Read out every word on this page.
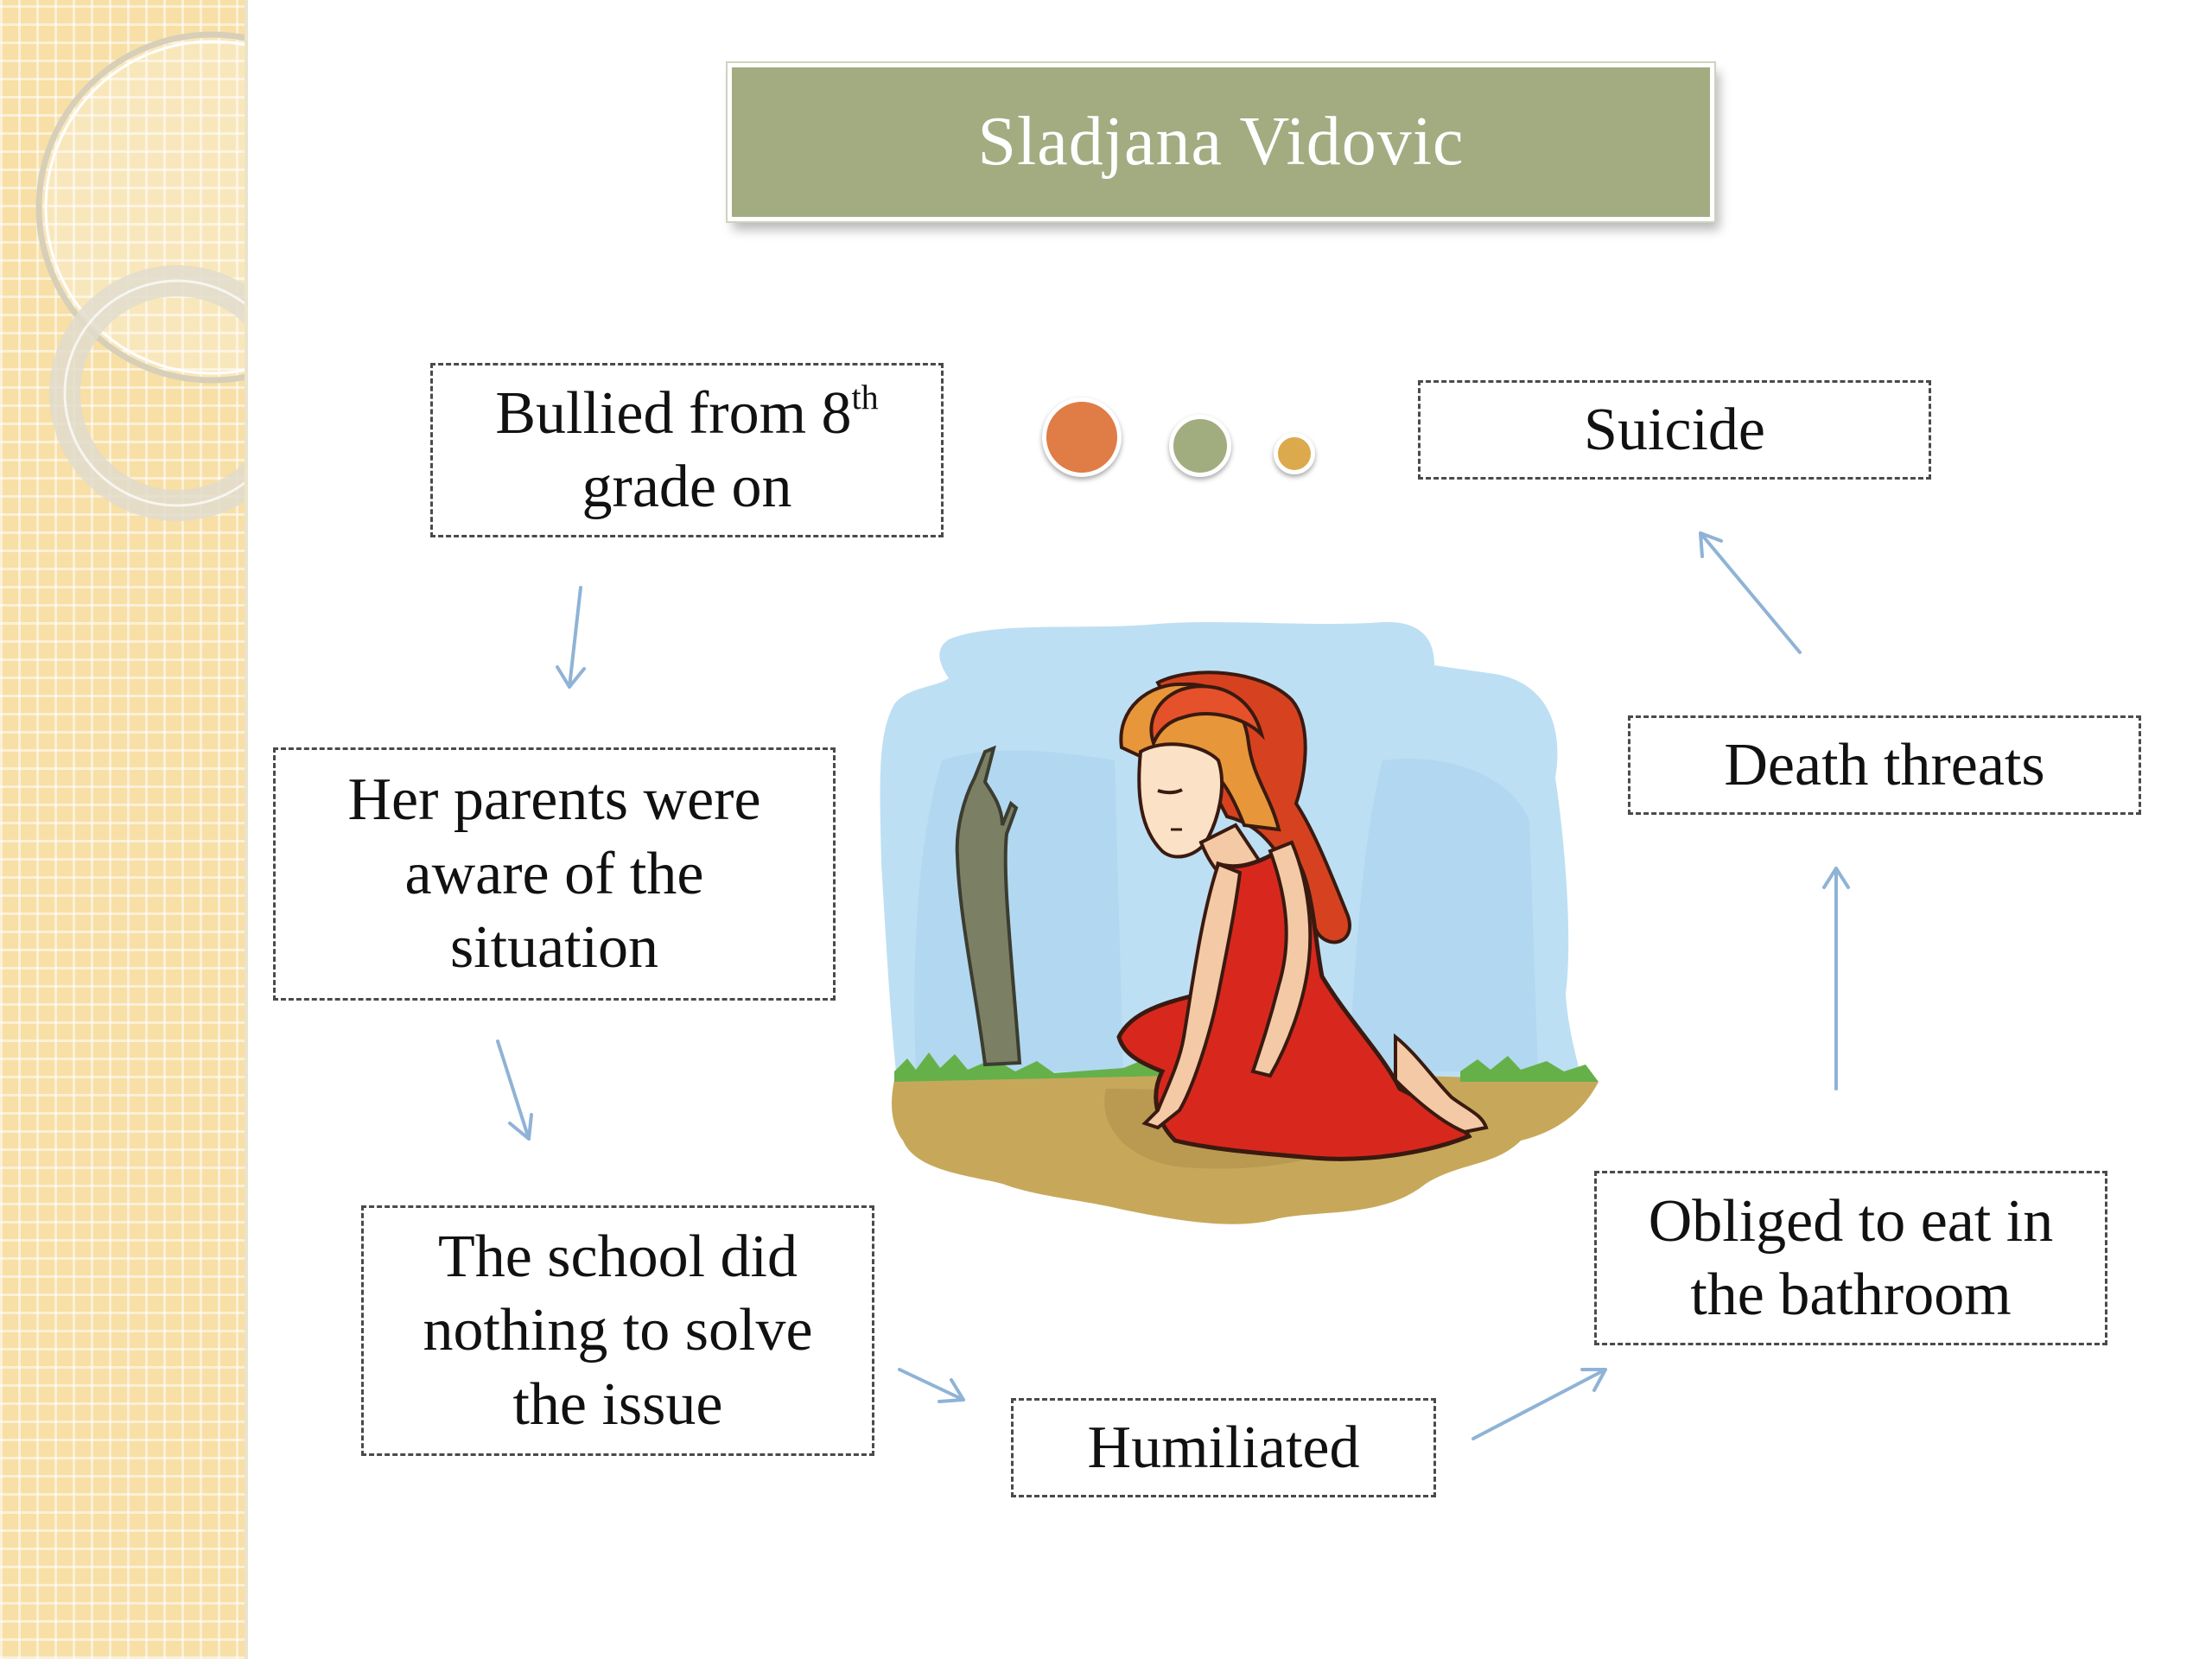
Sladjana Vidovic
Bullied from 8th
grade on
Her parents were
aware of the
situation
The school did
nothing to solve
the issue
Humiliated
Obliged to eat in
the bathroom
Death threats
Suicide
